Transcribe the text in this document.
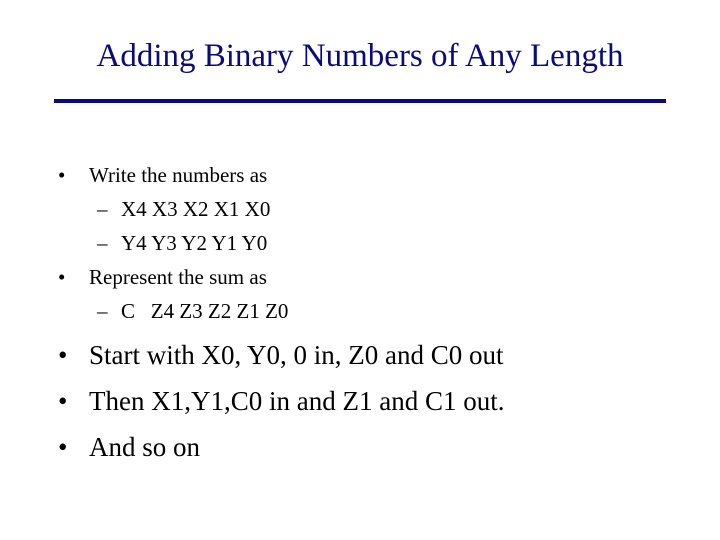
Adding Binary Numbers of Any Length
• Write the numbers as
– X4 X3 X2 X1 X0
– Y4 Y3 Y2 Y1 Y0
• Represent the sum as

–

C   Z4 Z3 Z2 Z1 Z0

• Start with X0, Y0, 0 in, Z0 and C0 out
• Then X1,Y1,C0 in and Z1 and C1 out.
• And so on
